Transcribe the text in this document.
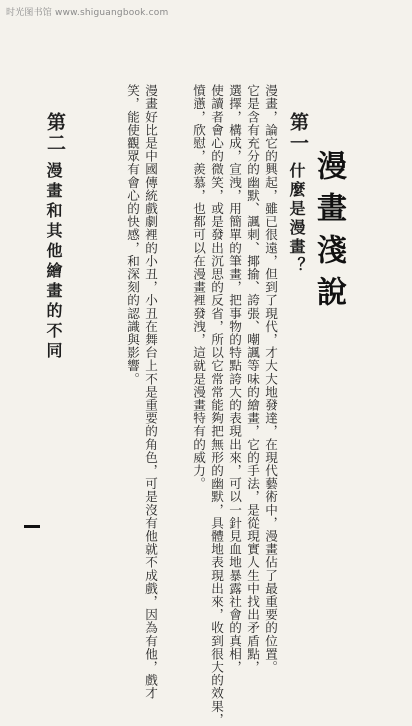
时光图书馆 www.shiguangbook.com
漫畫淺說
第一
什麼是漫畫？
漫畫，論它的興起，雖已很遠，但到了現代，才大大地發達，在現代藝術中，漫畫佔了最重要的位置。
它是含有充分的幽默、諷刺、揶揄、誇張、嘲諷等味的繪畫，它的手法，是從現實人生中找出矛盾點，
選擇，構成，宣洩，用簡單的筆畫，把事物的特點誇大的表現出來，可以一針見血地暴露社會的真相，
使讀者會心的微笑，或是發出沉思的反省，所以它常常能夠把無形的幽默，具體地表現出來，收到很大的效果，
憤懣，欣慰，羨慕，也都可以在漫畫裡發洩，這就是漫畫特有的威力。
漫畫好比是中國傳統戲劇裡的小丑，小丑在舞台上不是重要的角色，可是沒有他就不成戲，因為有他，戲才
笑，能使觀眾有會心的快感，和深刻的認識與影響。
第二
漫畫和其他繪畫的不同
